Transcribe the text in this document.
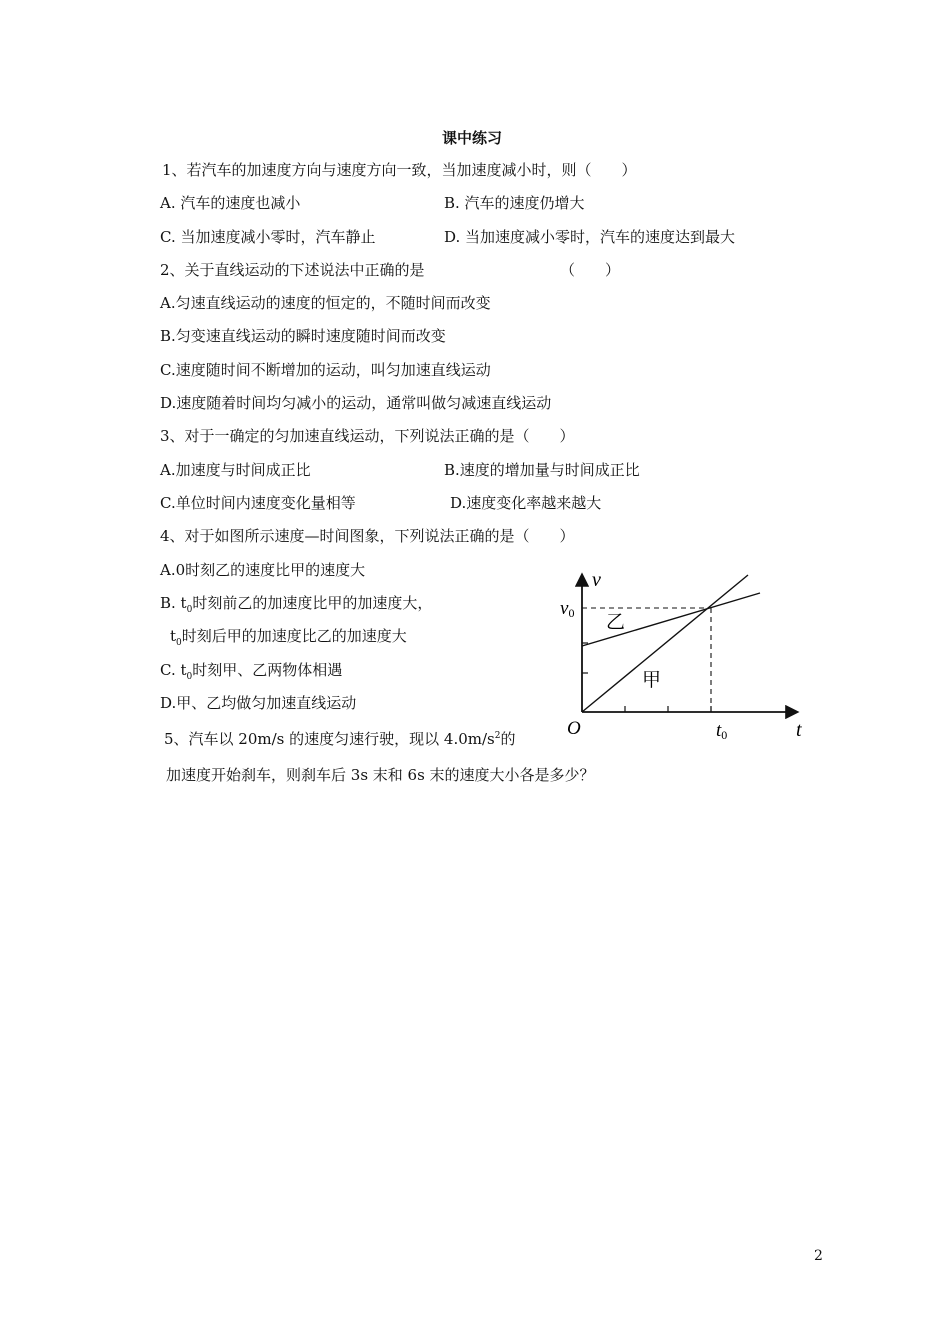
课中练习
1、若汽车的加速度方向与速度方向一致，当加速度减小时，则（　　）
A. 汽车的速度也减小	B. 汽车的速度仍增大
C. 当加速度减小零时，汽车静止	D. 当加速度减小零时，汽车的速度达到最大
2、关于直线运动的下述说法中正确的是	（　　）
A.匀速直线运动的速度的恒定的，不随时间而改变
B.匀变速直线运动的瞬时速度随时间而改变
C.速度随时间不断增加的运动，叫匀加速直线运动
D.速度随着时间均匀减小的运动，通常叫做匀减速直线运动
3、对于一确定的匀加速直线运动，下列说法正确的是（　　）
A.加速度与时间成正比	B.速度的增加量与时间成正比
C.单位时间内速度变化量相等	D.速度变化率越来越大
4、对于如图所示速度—时间图象，下列说法正确的是（　　）
A.0时刻乙的速度比甲的速度大
B. $t_0$时刻前乙的加速度比甲的加速度大，
$t_0$时刻后甲的加速度比乙的加速度大
C. $t_0$时刻甲、乙两物体相遇
D.甲、乙均做匀加速直线运动
5、汽车以 20m/s 的速度匀速行驶，现以 $4.0m/s^2$的
加速度开始刹车，则刹车后 3s 末和 6s 末的速度大小各是多少？
v
v0
O	t0	t
乙
甲
2
